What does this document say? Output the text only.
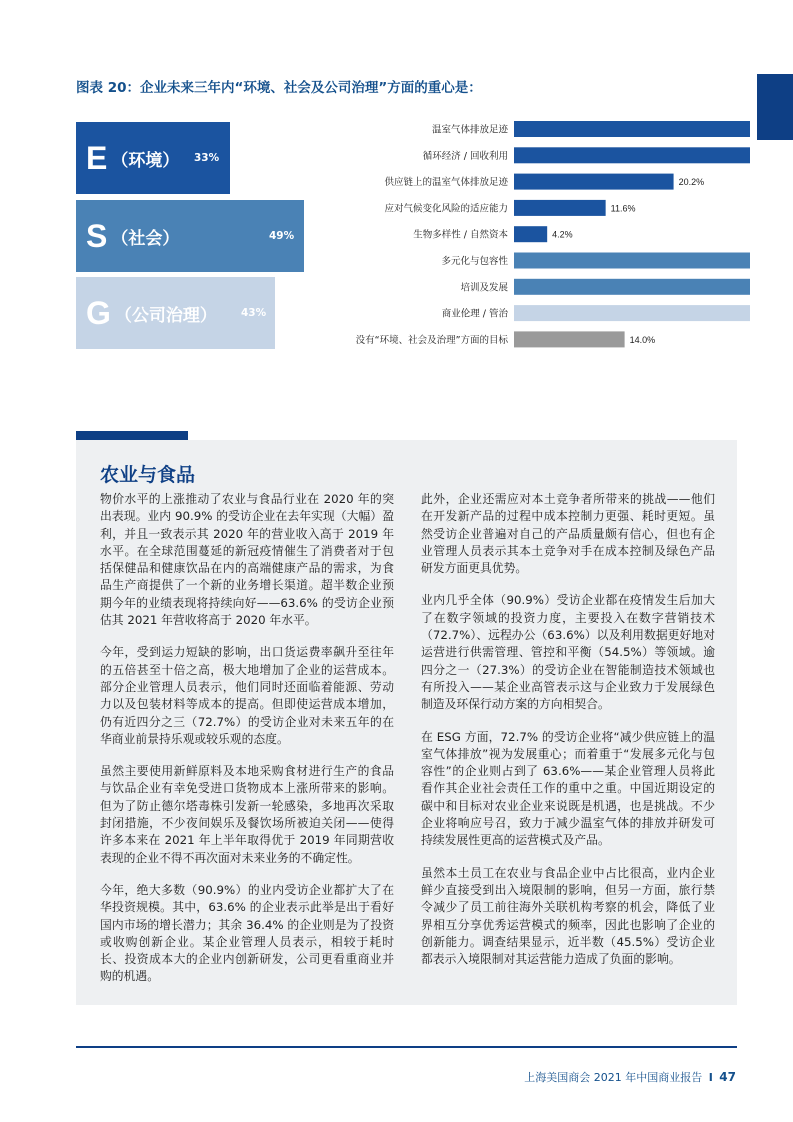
图表 20：企业未来三年内“环境、社会及公司治理”方面的重心是：
E （环境） 33%
S （社会）	49%
G （公司治理） 43%
温室气体排放足迹
循环经济 / 回收利用
供应链上的温室气体排放足迹	20.2%
应对气候变化风险的适应能力	11.6%
生物多样性 / 自然资本	4.2%
多元化与包容性
培训及发展
商业伦理 / 管治
没有“环境、社会及治理”方面的目标	14.0%
农业与食品

物价水平的上涨推动了农业与食品行业在 2020 年的突出表现。业内 90.9% 的受访企业在去年实现（大幅）盈利，并且一致表示其 2020 年的营业收入高于 2019 年水平。在全球范围蔓延的新冠疫情催生了消费者对于包括保健品和健康饮品在内的高端健康产品的需求，为食品生产商提供了一个新的业务增长渠道。超半数企业预期今年的业绩表现将持续向好——63.6% 的受访企业预估其 2021 年营收将高于 2020 年水平。

今年，受到运力短缺的影响，出口货运费率飙升至往年的五倍甚至十倍之高，极大地增加了企业的运营成本。部分企业管理人员表示，他们同时还面临着能源、劳动力以及包装材料等成本的提高。但即使运营成本增加，仍有近四分之三（72.7%）的受访企业对未来五年的在华商业前景持乐观或较乐观的态度。

虽然主要使用新鲜原料及本地采购食材进行生产的食品与饮品企业有幸免受进口货物成本上涨所带来的影响。但为了防止德尔塔毒株引发新一轮感染，多地再次采取封闭措施，不少夜间娱乐及餐饮场所被迫关闭——使得许多本来在 2021 年上半年取得优于 2019 年同期营收表现的企业不得不再次面对未来业务的不确定性。

今年，绝大多数（90.9%）的业内受访企业都扩大了在华投资规模。其中，63.6% 的企业表示此举是出于看好国内市场的增长潜力；其余 36.4% 的企业则是为了投资或收购创新企业。某企业管理人员表示，相较于耗时长、投资成本大的企业内创新研发，公司更看重商业并购的机遇。

此外，企业还需应对本土竞争者所带来的挑战——他们在开发新产品的过程中成本控制力更强、耗时更短。虽然受访企业普遍对自己的产品质量颇有信心，但也有企业管理人员表示其本土竞争对手在成本控制及绿色产品研发方面更具优势。

业内几乎全体（90.9%）受访企业都在疫情发生后加大了在数字领域的投资力度，主要投入在数字营销技术（72.7%）、远程办公（63.6%）以及利用数据更好地对运营进行供需管理、管控和平衡（54.5%）等领域。逾四分之一（27.3%）的受访企业在智能制造技术领域也有所投入——某企业高管表示这与企业致力于发展绿色制造及环保行动方案的方向相契合。

在 ESG 方面，72.7% 的受访企业将“减少供应链上的温室气体排放”视为发展重心；而着重于“发展多元化与包容性”的企业则占到了 63.6%——某企业管理人员将此看作其企业社会责任工作的重中之重。中国近期设定的碳中和目标对农业企业来说既是机遇，也是挑战。不少企业将响应号召，致力于减少温室气体的排放并研发可持续发展性更高的运营模式及产品。

虽然本土员工在农业与食品企业中占比很高，业内企业鲜少直接受到出入境限制的影响，但另一方面，旅行禁令减少了员工前往海外关联机构考察的机会，降低了业界相互分享优秀运营模式的频率，因此也影响了企业的创新能力。调查结果显示，近半数（45.5%）受访企业都表示入境限制对其运营能力造成了负面的影响。

上海美国商会 2021 年中国商业报告 I 47
